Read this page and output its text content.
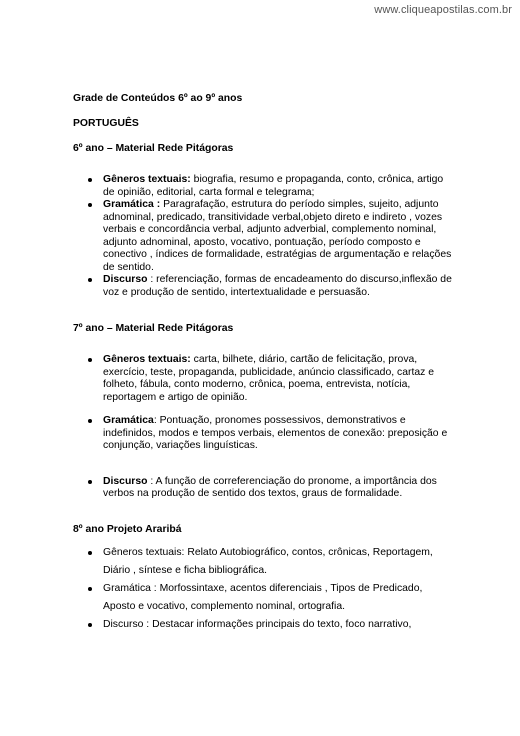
www.cliqueapostilas.com.br

Grade de Conteúdos 6º ao 9º anos

PORTUGUÊS

6º ano – Material Rede Pitágoras

Gêneros textuais: biografia, resumo e propaganda, conto, crônica, artigo de opinião, editorial, carta formal e telegrama;
Gramática : Paragrafação, estrutura do período simples, sujeito, adjunto adnominal, predicado, transitividade verbal,objeto direto e indireto , vozes verbais e concordância verbal, adjunto adverbial, complemento nominal, adjunto adnominal, aposto, vocativo, pontuação, período composto e conectivo , índices de formalidade, estratégias de argumentação e relações de sentido.
Discurso : referenciação, formas de encadeamento do discurso,inflexão de voz e produção de sentido, intertextualidade e persuasão.

7º ano – Material Rede Pitágoras

Gêneros textuais: carta, bilhete, diário, cartão de felicitação, prova, exercício, teste, propaganda, publicidade, anúncio classificado, cartaz e folheto, fábula, conto moderno, crônica, poema, entrevista, notícia, reportagem e artigo de opinião.
Gramática: Pontuação, pronomes possessivos, demonstrativos e indefinidos, modos e tempos verbais, elementos de conexão: preposição e conjunção, variações linguísticas.
Discurso : A função de correferenciação do pronome, a importância dos verbos na produção de sentido dos textos, graus de formalidade.

8º ano Projeto Araribá

Gêneros textuais: Relato Autobiográfico, contos, crônicas, Reportagem, Diário , síntese e ficha bibliográfica.
Gramática : Morfossintaxe, acentos diferenciais , Tipos de Predicado, Aposto e vocativo, complemento nominal, ortografia.
Discurso : Destacar informações principais do texto, foco narrativo,
